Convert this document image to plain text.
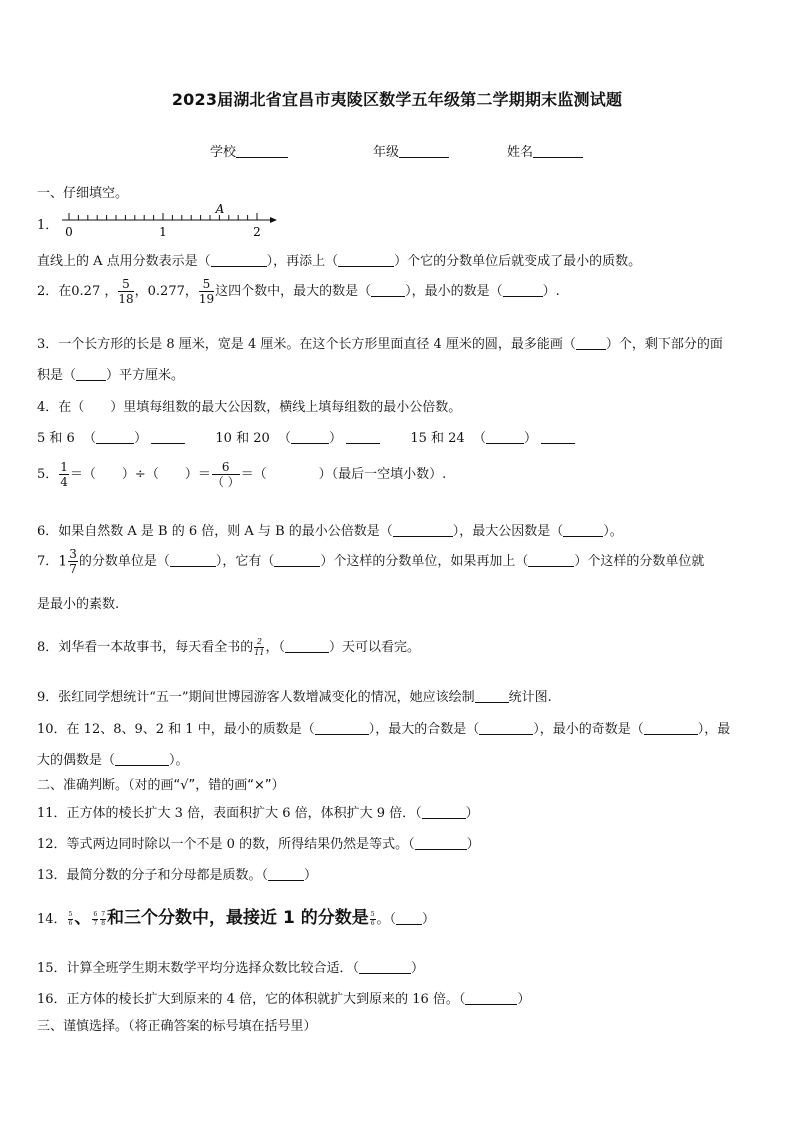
2023届湖北省宜昌市夷陵区数学五年级第二学期期末监测试题
学校	年级	姓名
一、仔细填空。
1． 0	1	2
A
直线上的 A 点用分数表示是（	），再添上（	）个它的分数单位后就变成了最小的质数。
2．在0.27 ， $\frac{5}{18}$ ，0.277， $\frac{5}{19}$ 这四个数中，最大的数是（	），最小的数是（	）.
3．一个长方形的长是 8 厘米，宽是 4 厘米。在这个长方形里面直径 4 厘米的圆，最多能画（ ）个，剩下部分的面
积是（ ）平方厘米。
4．在（　　）里填每组数的最大公因数，横线上填每组数的最小公倍数。
5 和 6 （	）	10 和 20 （	）	15 和 24 （	）
5． $\frac{1}{4}$ ＝（　　）÷（　　）＝ $\frac{6}{( )}$ ＝（　　　　）（最后一空填小数）.
6．如果自然数 A 是 B 的 6 倍，则 A 与 B 的最小公倍数是（	），最大公因数是（	）。
7．$1 \frac{3}{7}$ 的分数单位是（	），它有（	）个这样的分数单位，如果再加上（	）个这样的分数单位就
是最小的素数.
8．刘华看一本故事书，每天看全书的 $\frac{2}{11}$ ，（	）天可以看完。
9．张红同学想统计“五一”期间世博园游客人数增减变化的情况，她应该绘制	统计图.
10．在 12、8、9、2 和 1 中，最小的质数是（	），最大的合数是（	），最小的奇数是（	），最
大的偶数是（	）。
二、准确判断。（对的画“√”，错的画“×”）
11．正方体的棱长扩大 3 倍，表面积扩大 6 倍，体积扩大 9 倍．（	）
12．等式两边同时除以一个不是 0 的数，所得结果仍然是等式。（	）
13．最简分数的分子和分母都是质数。（	）
14． $\frac{5}{6}$ 、 $\frac{6}{7} \frac{7}{8}$ 和三个分数中，最接近 1 的分数是 $\frac{5}{6}$ 。（ ）
15．计算全班学生期末数学平均分选择众数比较合适．（	）
16．正方体的棱长扩大到原来的 4 倍，它的体积就扩大到原来的 16 倍。（	）
三、谨慎选择。（将正确答案的标号填在括号里）
